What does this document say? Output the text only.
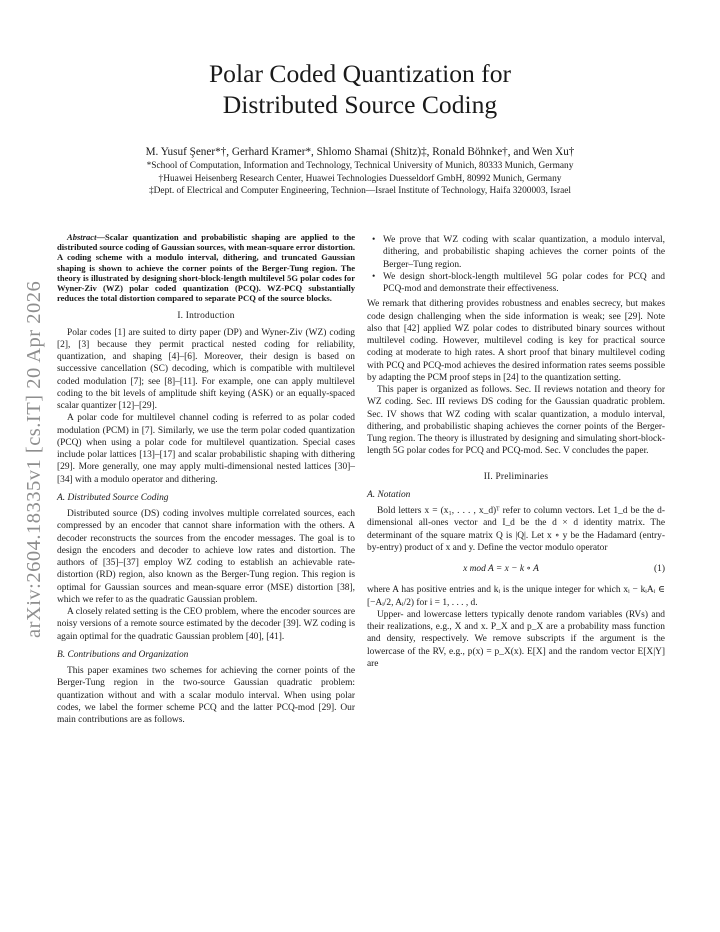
arXiv:2604.18335v1 [cs.IT] 20 Apr 2026
Polar Coded Quantization for
Distributed Source Coding
M. Yusuf Şener*†, Gerhard Kramer*, Shlomo Shamai (Shitz)‡, Ronald Böhnke†, and Wen Xu†
*School of Computation, Information and Technology, Technical University of Munich, 80333 Munich, Germany
†Huawei Heisenberg Research Center, Huawei Technologies Duesseldorf GmbH, 80992 Munich, Germany
‡Dept. of Electrical and Computer Engineering, Technion—Israel Institute of Technology, Haifa 3200003, Israel

Abstract—Scalar quantization and probabilistic shaping are applied to the distributed source coding of Gaussian sources, with mean-square error distortion. A coding scheme with a modulo interval, dithering, and truncated Gaussian shaping is shown to achieve the corner points of the Berger-Tung region. The theory is illustrated by designing short-block-length multilevel 5G polar codes for Wyner-Ziv (WZ) polar coded quantization (PCQ). WZ-PCQ substantially reduces the total distortion compared to separate PCQ of the source blocks.

I. Introduction

Polar codes [1] are suited to dirty paper (DP) and Wyner-Ziv (WZ) coding [2], [3] because they permit practical nested coding for reliability, quantization, and shaping [4]–[6]. Moreover, their design is based on successive cancellation (SC) decoding, which is compatible with multilevel coded modulation [7]; see [8]–[11]. For example, one can apply multilevel coding to the bit levels of amplitude shift keying (ASK) or an equally-spaced scalar quantizer [12]–[29].

A polar code for multilevel channel coding is referred to as polar coded modulation (PCM) in [7]. Similarly, we use the term polar coded quantization (PCQ) when using a polar code for multilevel quantization. Special cases include polar lattices [13]–[17] and scalar probabilistic shaping with dithering [29]. More generally, one may apply multi-dimensional nested lattices [30]–[34] with a modulo operator and dithering.

A. Distributed Source Coding

Distributed source (DS) coding involves multiple correlated sources, each compressed by an encoder that cannot share information with the others. A decoder reconstructs the sources from the encoder messages. The goal is to design the encoders and decoder to achieve low rates and distortion. The authors of [35]–[37] employ WZ coding to establish an achievable rate-distortion (RD) region, also known as the Berger-Tung region. This region is optimal for Gaussian sources and mean-square error (MSE) distortion [38], which we refer to as the quadratic Gaussian problem.

A closely related setting is the CEO problem, where the encoder sources are noisy versions of a remote source estimated by the decoder [39]. WZ coding is again optimal for the quadratic Gaussian problem [40], [41].

B. Contributions and Organization

This paper examines two schemes for achieving the corner points of the Berger-Tung region in the two-source Gaussian quadratic problem: quantization without and with a scalar modulo interval. When using polar codes, we label the former scheme PCQ and the latter PCQ-mod [29]. Our main contributions are as follows.

• We prove that WZ coding with scalar quantization, a modulo interval, dithering, and probabilistic shaping achieves the corner points of the Berger–Tung region.
• We design short-block-length multilevel 5G polar codes for PCQ and PCQ-mod and demonstrate their effectiveness.

We remark that dithering provides robustness and enables secrecy, but makes code design challenging when the side information is weak; see [29]. Note also that [42] applied WZ polar codes to distributed binary sources without multilevel coding. However, multilevel coding is key for practical source coding at moderate to high rates. A short proof that binary multilevel coding with PCQ and PCQ-mod achieves the desired information rates seems possible by adapting the PCM proof steps in [24] to the quantization setting.

This paper is organized as follows. Sec. II reviews notation and theory for WZ coding. Sec. III reviews DS coding for the Gaussian quadratic problem. Sec. IV shows that WZ coding with scalar quantization, a modulo interval, dithering, and probabilistic shaping achieves the corner points of the Berger-Tung region. The theory is illustrated by designing and simulating short-block-length 5G polar codes for PCQ and PCQ-mod. Sec. V concludes the paper.

II. Preliminaries
A. Notation

Bold letters x = (x₁, . . . , x_d)ᵀ refer to column vectors. Let 1_d be the d-dimensional all-ones vector and I_d be the d × d identity matrix. The determinant of the square matrix Q is |Q|. Let x ∘ y be the Hadamard (entry-by-entry) product of x and y. Define the vector modulo operator

x mod A = x − k ∘ A	(1)

where A has positive entries and kᵢ is the unique integer for which xᵢ − kᵢAᵢ ∈ [−Aᵢ/2, Aᵢ/2) for i = 1, . . . , d.

Upper- and lowercase letters typically denote random variables (RVs) and their realizations, e.g., X and x. P_X and p_X are a probability mass function and density, respectively. We remove subscripts if the argument is the lowercase of the RV, e.g., p(x) = p_X(x). E[X] and the random vector E[X|Y] are
